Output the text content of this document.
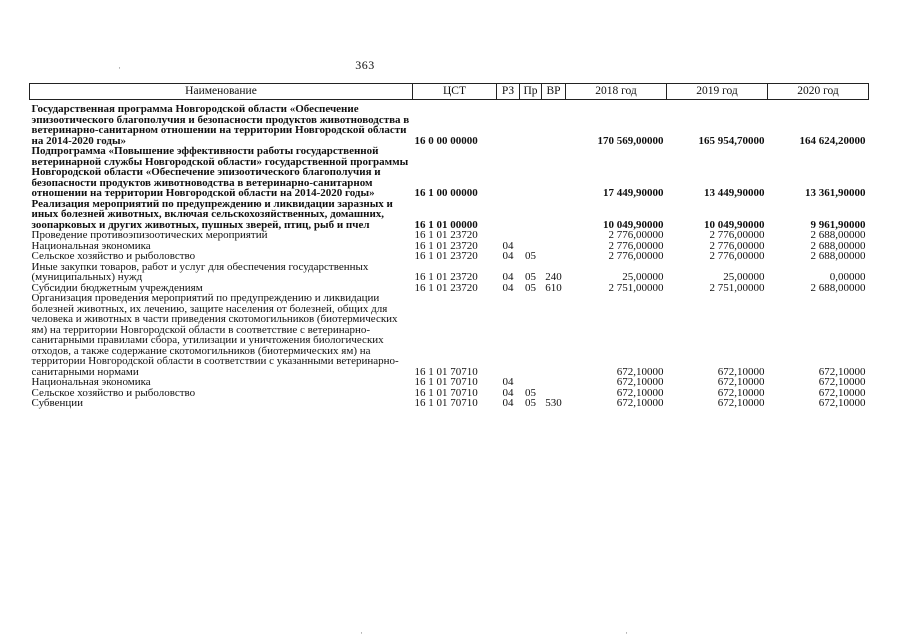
363
Наименование	ЦСТ	РЗ	Пр	ВР	2018 год	2019 год	2020 год
Государственная программа Новгородской области «Обеспечение эпизоотического благополучия и безопасности продуктов животноводства в ветеринарно-санитарном отношении на территории Новгородской области на 2014-2020 годы»	16 0 00 00000				170 569,00000	165 954,70000	164 624,20000
Подпрограмма «Повышение эффективности работы государственной ветеринарной службы Новгородской области» государственной программы Новгородской области «Обеспечение эпизоотического благополучия и безопасности продуктов животноводства в ветеринарно-санитарном отношении на территории Новгородской области на 2014-2020 годы»	16 1 00 00000				17 449,90000	13 449,90000	13 361,90000
Реализация мероприятий по предупреждению и ликвидации заразных и иных болезней животных, включая сельскохозяйственных, домашних, зоопарковых и других животных, пушных зверей, птиц, рыб и пчел	16 1 01 00000				10 049,90000	10 049,90000	9 961,90000
Проведение противоэпизоотических мероприятий	16 1 01 23720				2 776,00000	2 776,00000	2 688,00000
Национальная экономика	16 1 01 23720	04			2 776,00000	2 776,00000	2 688,00000
Сельское хозяйство и рыболовство	16 1 01 23720	04	05		2 776,00000	2 776,00000	2 688,00000
Иные закупки товаров, работ и услуг для обеспечения государственных (муниципальных) нужд	16 1 01 23720	04	05	240	25,00000	25,00000	0,00000
Субсидии бюджетным учреждениям	16 1 01 23720	04	05	610	2 751,00000	2 751,00000	2 688,00000
Организация проведения мероприятий по предупреждению и ликвидации болезней животных, их лечению, защите населения от болезней, общих для человека и животных в части приведения скотомогильников (биотермических ям) на территории Новгородской области в соответствие с ветеринарно-санитарными правилами сбора, утилизации и уничтожения биологических отходов, а также содержание скотомогильников (биотермических ям) на территории Новгородской области в соответствии с указанными ветеринарно-санитарными нормами	16 1 01 70710				672,10000	672,10000	672,10000
Национальная экономика	16 1 01 70710	04			672,10000	672,10000	672,10000
Сельское хозяйство и рыболовство	16 1 01 70710	04	05		672,10000	672,10000	672,10000
Субвенции	16 1 01 70710	04	05	530	672,10000	672,10000	672,10000
·
·	·
